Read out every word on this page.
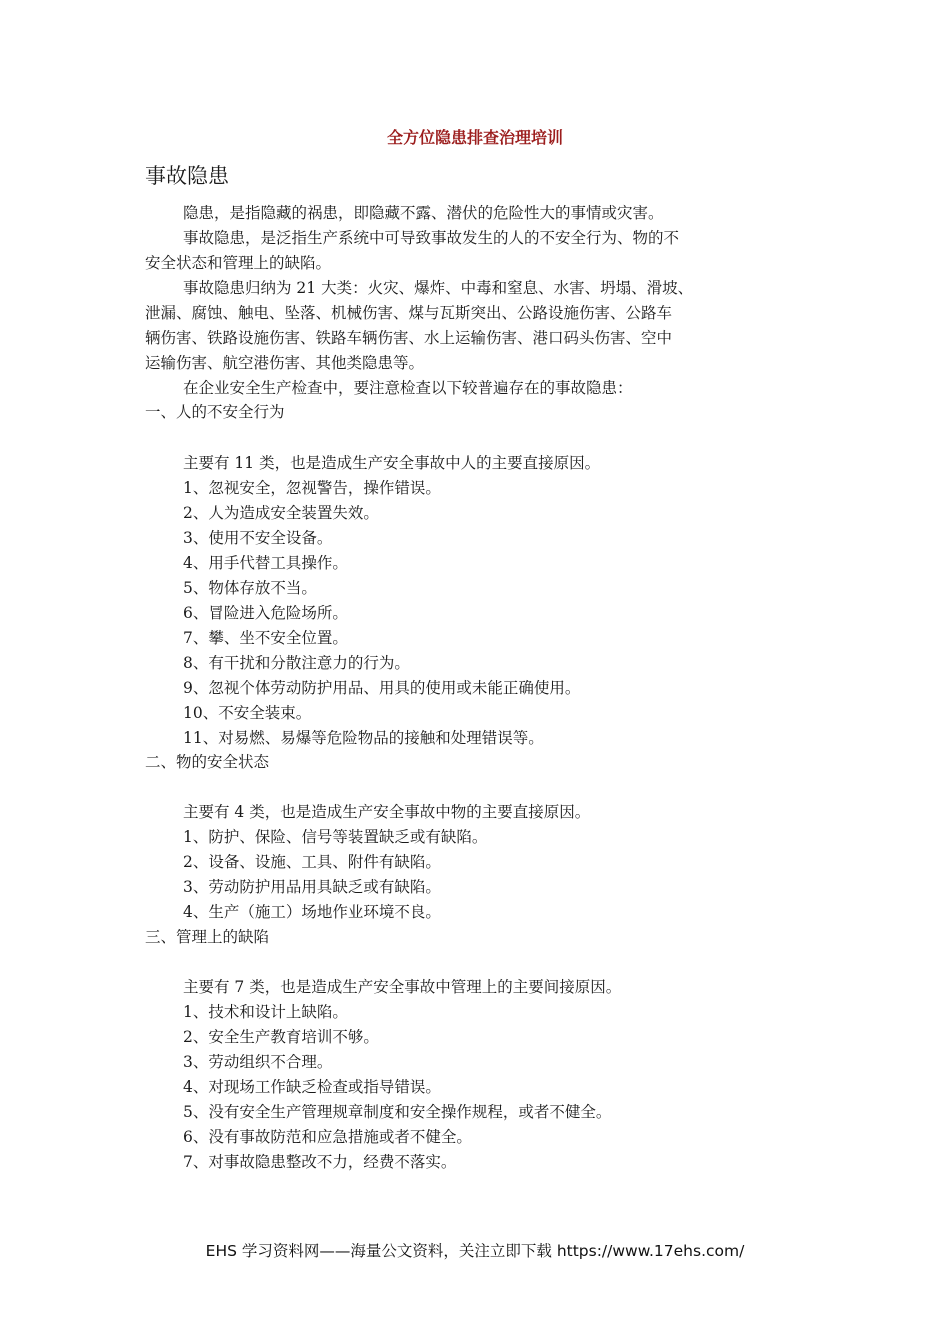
全方位隐患排查治理培训
事故隐患
隐患，是指隐藏的祸患，即隐藏不露、潜伏的危险性大的事情或灾害。
事故隐患，是泛指生产系统中可导致事故发生的人的不安全行为、物的不
安全状态和管理上的缺陷。
事故隐患归纳为 21 大类：火灾、爆炸、中毒和窒息、水害、坍塌、滑坡、
泄漏、腐蚀、触电、坠落、机械伤害、煤与瓦斯突出、公路设施伤害、公路车
辆伤害、铁路设施伤害、铁路车辆伤害、水上运输伤害、港口码头伤害、空中
运输伤害、航空港伤害、其他类隐患等。
在企业安全生产检查中，要注意检查以下较普遍存在的事故隐患：
一、人的不安全行为
主要有 11 类，也是造成生产安全事故中人的主要直接原因。
1、忽视安全，忽视警告，操作错误。
2、人为造成安全装置失效。
3、使用不安全设备。
4、用手代替工具操作。
5、物体存放不当。
6、冒险进入危险场所。
7、攀、坐不安全位置。
8、有干扰和分散注意力的行为。
9、忽视个体劳动防护用品、用具的使用或未能正确使用。
10、不安全装束。
11、对易燃、易爆等危险物品的接触和处理错误等。
二、物的安全状态
主要有 4 类，也是造成生产安全事故中物的主要直接原因。
1、防护、保险、信号等装置缺乏或有缺陷。
2、设备、设施、工具、附件有缺陷。
3、劳动防护用品用具缺乏或有缺陷。
4、生产（施工）场地作业环境不良。
三、管理上的缺陷
主要有 7 类，也是造成生产安全事故中管理上的主要间接原因。
1、技术和设计上缺陷。
2、安全生产教育培训不够。
3、劳动组织不合理。
4、对现场工作缺乏检查或指导错误。
5、没有安全生产管理规章制度和安全操作规程，或者不健全。
6、没有事故防范和应急措施或者不健全。
7、对事故隐患整改不力，经费不落实。
EHS 学习资料网——海量公文资料，关注立即下载 https://www.17ehs.com/
